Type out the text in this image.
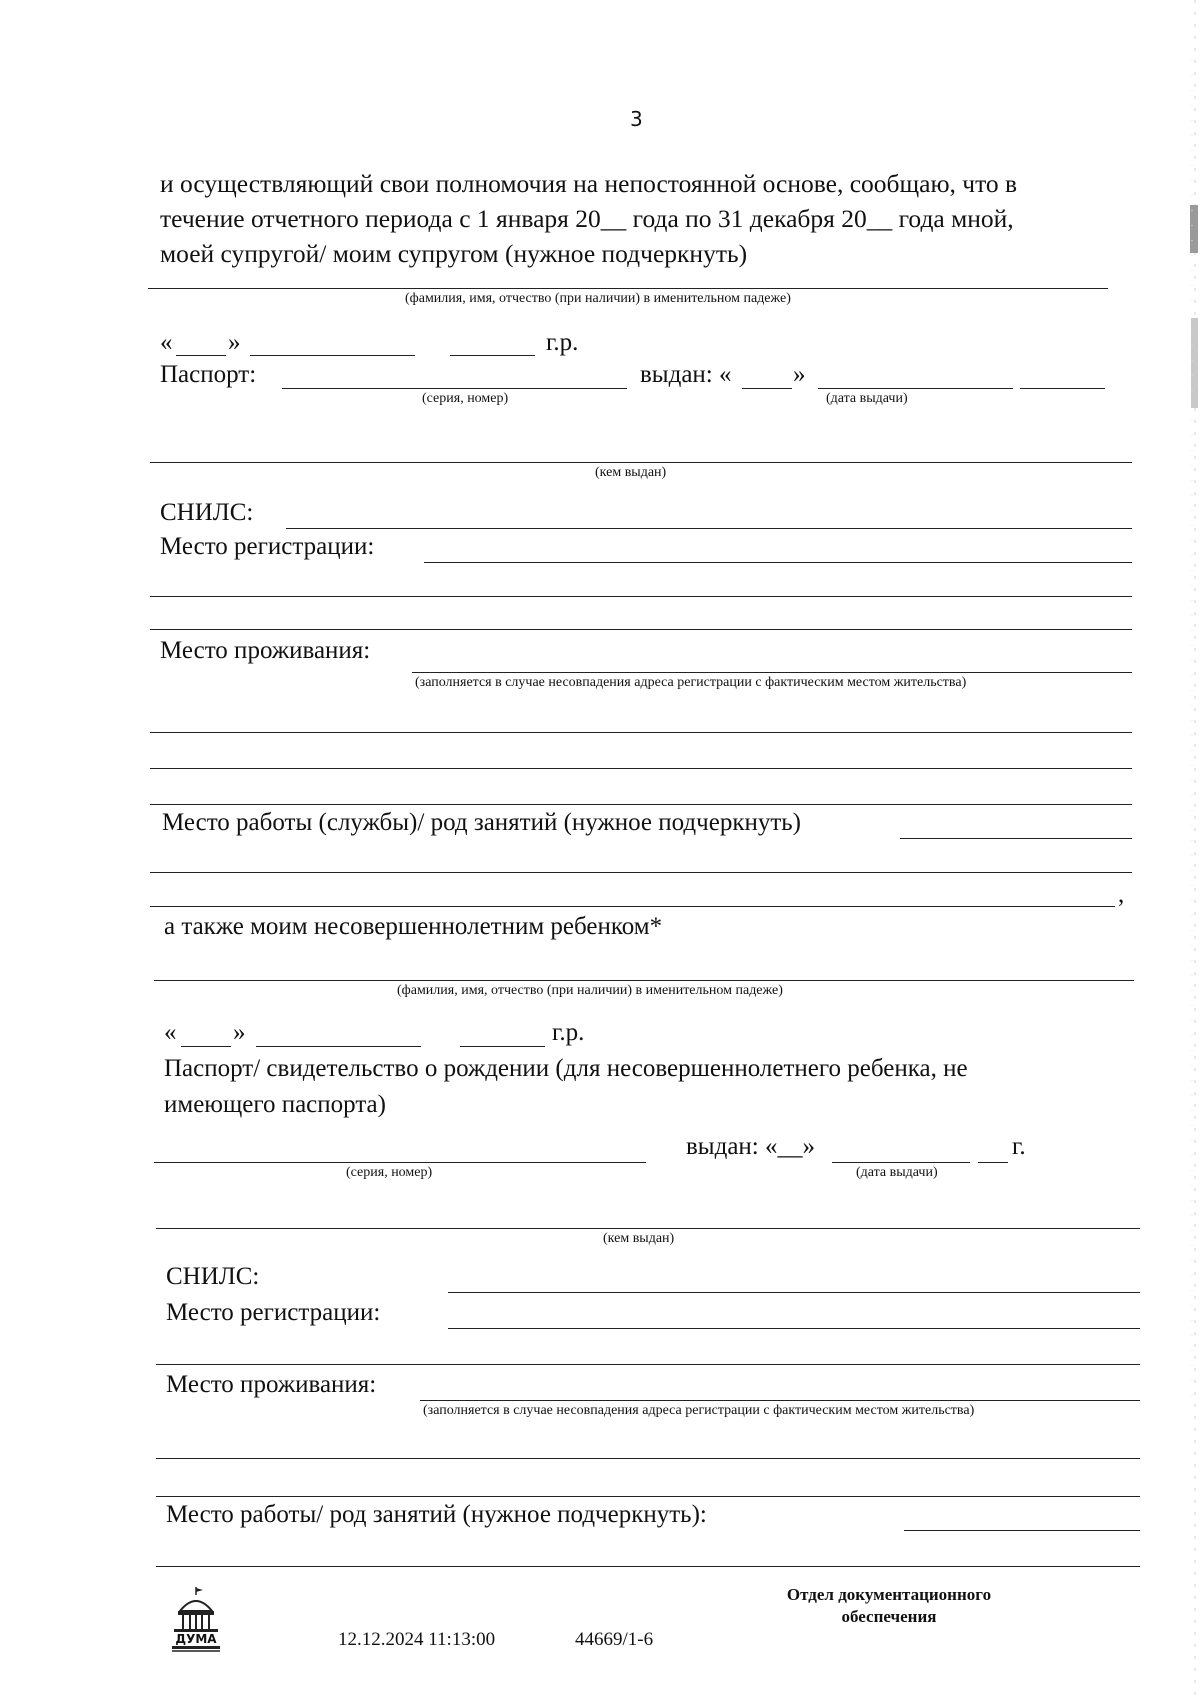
3
и осуществляющий свои полномочия на непостоянной основе, сообщаю, что в
течение отчетного периода с 1 января 20__ года по 31 декабря 20__ года мной,
моей супругой/ моим супругом (нужное подчеркнуть)
(фамилия, имя, отчество (при наличии) в именительном падеже)
« »	г.р.
Паспорт:
(серия, номер)
выдан: « »
(дата выдачи)
(кем выдан)
СНИЛС:
Место регистрации:
Место проживания:
(заполняется в случае несовпадения адреса регистрации с фактическим местом жительства)
Место работы (службы)/ род занятий (нужное подчеркнуть)
,
а также моим несовершеннолетним ребенком*
(фамилия, имя, отчество (при наличии) в именительном падеже)
« »	г.р.
Паспорт/ свидетельство о рождении (для несовершеннолетнего ребенка, не
имеющего паспорта)
(серия, номер)
выдан: «__»	г.
(дата выдачи)
(кем выдан)
СНИЛС:
Место регистрации:
Место проживания:
(заполняется в случае несовпадения адреса регистрации с фактическим местом жительства)
Место работы/ род занятий (нужное подчеркнуть):
ДУМА	12.12.2024 11:13:00	44669/1-6
Отдел документационного
обеспечения
